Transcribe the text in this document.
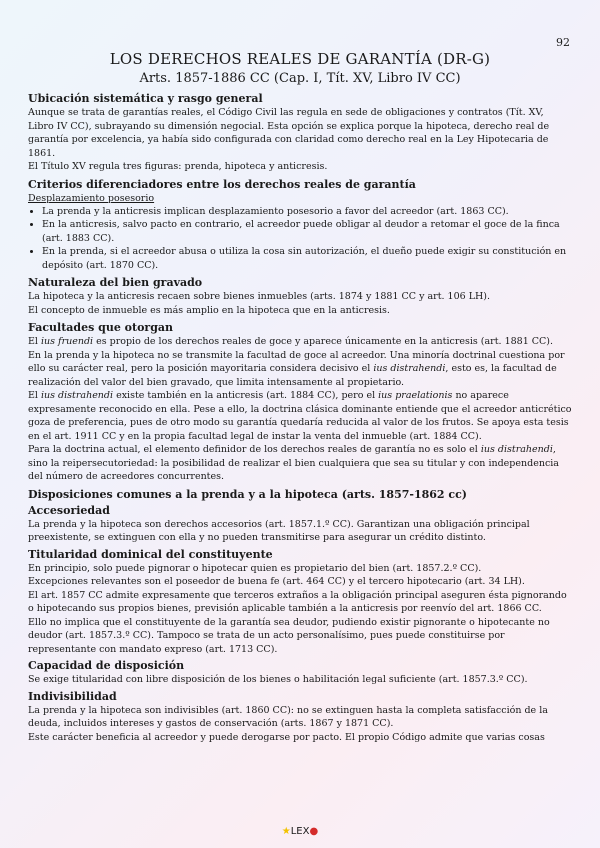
92
LOS DERECHOS REALES DE GARANTÍA (DR-G)
Arts. 1857-1886 CC (Cap. I, Tít. XV, Libro IV CC)
Ubicación sistemática y rasgo general

Aunque se trata de garantías reales, el Código Civil las regula en sede de obligaciones y contratos (Tít. XV, Libro IV CC), subrayando su dimensión negocial. Esta opción se explica porque la hipoteca, derecho real de garantía por excelencia, ya había sido configurada con claridad como derecho real en la Ley Hipotecaria de 1861.

El Título XV regula tres figuras: prenda, hipoteca y anticresis.

Criterios diferenciadores entre los derechos reales de garantía
Desplazamiento posesorio
• La prenda y la anticresis implican desplazamiento posesorio a favor del acreedor (art. 1863 CC).
• En la anticresis, salvo pacto en contrario, el acreedor puede obligar al deudor a retomar el goce de la finca (art. 1883 CC).
• En la prenda, si el acreedor abusa o utiliza la cosa sin autorización, el dueño puede exigir su constitución en depósito (art. 1870 CC).
Naturaleza del bien gravado

La hipoteca y la anticresis recaen sobre bienes inmuebles (arts. 1874 y 1881 CC y art. 106 LH).

El concepto de inmueble es más amplio en la hipoteca que en la anticresis.

Facultades que otorgan

El ius fruendi es propio de los derechos reales de goce y aparece únicamente en la anticresis (art. 1881 CC).

En la prenda y la hipoteca no se transmite la facultad de goce al acreedor. Una minoría doctrinal cuestiona por ello su carácter real, pero la posición mayoritaria considera decisivo el ius distrahendi, esto es, la facultad de realización del valor del bien gravado, que limita intensamente al propietario.

El ius distrahendi existe también en la anticresis (art. 1884 CC), pero el ius praelationis no aparece expresamente reconocido en ella. Pese a ello, la doctrina clásica dominante entiende que el acreedor anticrético goza de preferencia, pues de otro modo su garantía quedaría reducida al valor de los frutos. Se apoya esta tesis en el art. 1911 CC y en la propia facultad legal de instar la venta del inmueble (art. 1884 CC).

Para la doctrina actual, el elemento definidor de los derechos reales de garantía no es solo el ius distrahendi, sino la reipersecutoriedad: la posibilidad de realizar el bien cualquiera que sea su titular y con independencia del número de acreedores concurrentes.

Disposiciones comunes a la prenda y a la hipoteca (arts. 1857-1862 cc)
Accesoriedad

La prenda y la hipoteca son derechos accesorios (art. 1857.1.º CC). Garantizan una obligación principal preexistente, se extinguen con ella y no pueden transmitirse para asegurar un crédito distinto.

Titularidad dominical del constituyente

En principio, solo puede pignorar o hipotecar quien es propietario del bien (art. 1857.2.º CC).

Excepciones relevantes son el poseedor de buena fe (art. 464 CC) y el tercero hipotecario (art. 34 LH).

El art. 1857 CC admite expresamente que terceros extraños a la obligación principal aseguren ésta pignorando o hipotecando sus propios bienes, previsión aplicable también a la anticresis por reenvío del art. 1866 CC.

Ello no implica que el constituyente de la garantía sea deudor, pudiendo existir pignorante o hipotecante no deudor (art. 1857.3.º CC). Tampoco se trata de un acto personalísimo, pues puede constituirse por representante con mandato expreso (art. 1713 CC).

Capacidad de disposición

Se exige titularidad con libre disposición de los bienes o habilitación legal suficiente (art. 1857.3.º CC).

Indivisibilidad

La prenda y la hipoteca son indivisibles (art. 1860 CC): no se extinguen hasta la completa satisfacción de la deuda, incluidos intereses y gastos de conservación (arts. 1867 y 1871 CC).

Este carácter beneficia al acreedor y puede derogarse por pacto. El propio Código admite que varias cosas

★LEX●
